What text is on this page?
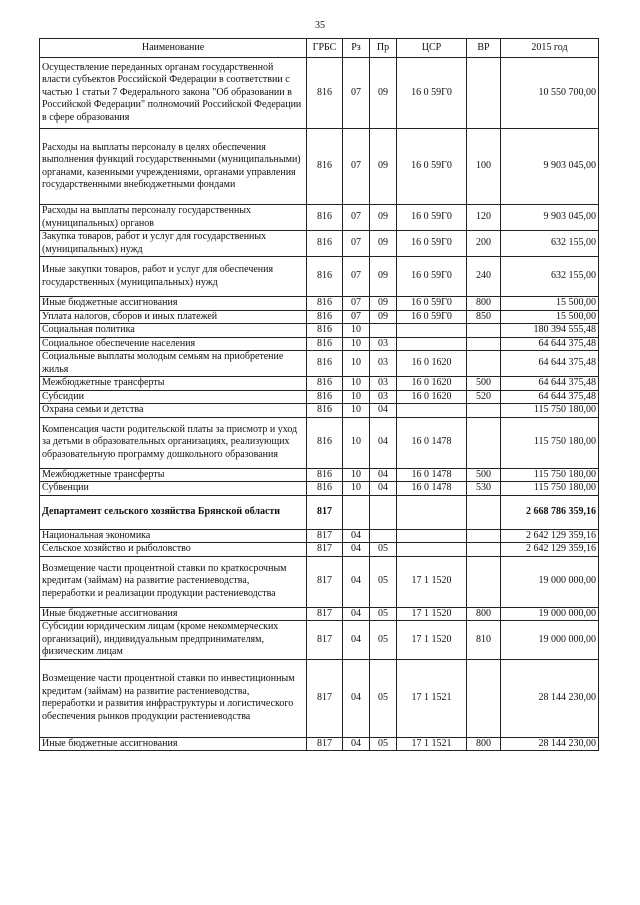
35
Наименование	ГРБС	Рз	Пр	ЦСР	ВР	2015 год
Осуществление переданных органам государственной власти субъектов Российской Федерации в соответствии с частью 1 статьи 7 Федерального закона "Об образовании в Российской Федерации" полномочий Российской Федерации в сфере образования	816	07	09	16 0 59Г0		10 550 700,00
Расходы на выплаты персоналу в целях обеспечения выполнения функций государственными (муниципальными) органами, казенными учреждениями, органами управления государственными внебюджетными фондами	816	07	09	16 0 59Г0	100	9 903 045,00
Расходы на выплаты персоналу государственных (муниципальных) органов	816	07	09	16 0 59Г0	120	9 903 045,00
Закупка товаров, работ и услуг для государственных (муниципальных) нужд	816	07	09	16 0 59Г0	200	632 155,00
Иные закупки товаров, работ и услуг для обеспечения государственных (муниципальных) нужд	816	07	09	16 0 59Г0	240	632 155,00
Иные бюджетные ассигнования	816	07	09	16 0 59Г0	800	15 500,00
Уплата налогов, сборов и иных платежей	816	07	09	16 0 59Г0	850	15 500,00
Социальная политика	816	10				180 394 555,48
Социальное обеспечение населения	816	10	03			64 644 375,48
Социальные выплаты молодым семьям на приобретение жилья	816	10	03	16 0 1620		64 644 375,48
Межбюджетные трансферты	816	10	03	16 0 1620	500	64 644 375,48
Субсидии	816	10	03	16 0 1620	520	64 644 375,48
Охрана семьи и детства	816	10	04			115 750 180,00
Компенсация части родительской платы за присмотр и уход за детьми в образовательных организациях, реализующих образовательную программу дошкольного образования	816	10	04	16 0 1478		115 750 180,00
Межбюджетные трансферты	816	10	04	16 0 1478	500	115 750 180,00
Субвенции	816	10	04	16 0 1478	530	115 750 180,00
Департамент сельского хозяйства Брянской области	817					2 668 786 359,16
Национальная экономика	817	04				2 642 129 359,16
Сельское хозяйство и рыболовство	817	04	05			2 642 129 359,16
Возмещение части процентной ставки по краткосрочным кредитам (займам) на развитие растениеводства, переработки и реализации продукции растениеводства	817	04	05	17 1 1520		19 000 000,00
Иные бюджетные ассигнования	817	04	05	17 1 1520	800	19 000 000,00
Субсидии юридическим лицам (кроме некоммерческих организаций), индивидуальным предпринимателям, физическим лицам	817	04	05	17 1 1520	810	19 000 000,00
Возмещение части процентной ставки по инвестиционным кредитам (займам) на развитие растениеводства, переработки и развития инфраструктуры и логистического обеспечения рынков продукции растениеводства	817	04	05	17 1 1521		28 144 230,00
Иные бюджетные ассигнования	817	04	05	17 1 1521	800	28 144 230,00
